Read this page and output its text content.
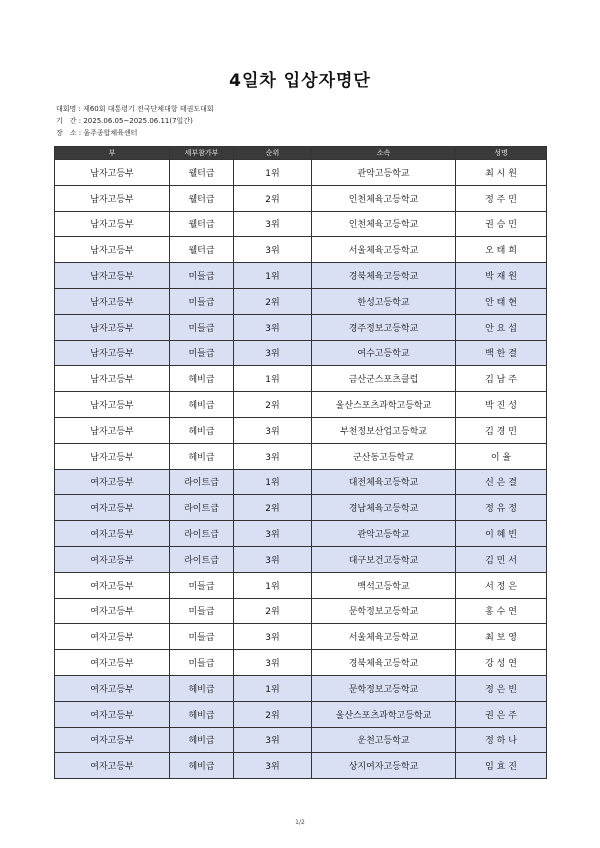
4일차 입상자명단
대회명 : 제60회 대통령기 전국단체대항 태권도대회
기　간 : 2025.06.05~2025.06.11(7일간)
장　소 : 울주종합체육센터
부	세부참가부	순위	소속	성명
남자고등부	웰터급	1위	관악고등학교	최 시 원
남자고등부	웰터급	2위	인천체육고등학교	정 주 민
남자고등부	웰터급	3위	인천체육고등학교	권 승 민
남자고등부	웰터급	3위	서울체육고등학교	오 태 희
남자고등부	미들급	1위	경북체육고등학교	박 재 원
남자고등부	미들급	2위	한성고등학교	안 태 현
남자고등부	미들급	3위	경주정보고등학교	안 요 섭
남자고등부	미들급	3위	여수고등학교	백 한 결
남자고등부	헤비급	1위	금산군스포츠클럽	김 남 주
남자고등부	헤비급	2위	울산스포츠과학고등학교	박 진 성
남자고등부	헤비급	3위	부천정보산업고등학교	김 경 민
남자고등부	헤비급	3위	군산동고등학교	이 율
여자고등부	라이트급	1위	대전체육고등학교	신 은 결
여자고등부	라이트급	2위	경남체육고등학교	정 유 정
여자고등부	라이트급	3위	관악고등학교	이 혜 빈
여자고등부	라이트급	3위	대구보건고등학교	김 민 서
여자고등부	미들급	1위	백석고등학교	서 정 은
여자고등부	미들급	2위	문학정보고등학교	홍 수 연
여자고등부	미들급	3위	서울체육고등학교	최 보 영
여자고등부	미들급	3위	경북체육고등학교	강 성 연
여자고등부	헤비급	1위	문학정보고등학교	정 은 빈
여자고등부	헤비급	2위	울산스포츠과학고등학교	권 은 주
여자고등부	헤비급	3위	운천고등학교	정 하 나
여자고등부	헤비급	3위	상지여자고등학교	임 효 진
1/2
